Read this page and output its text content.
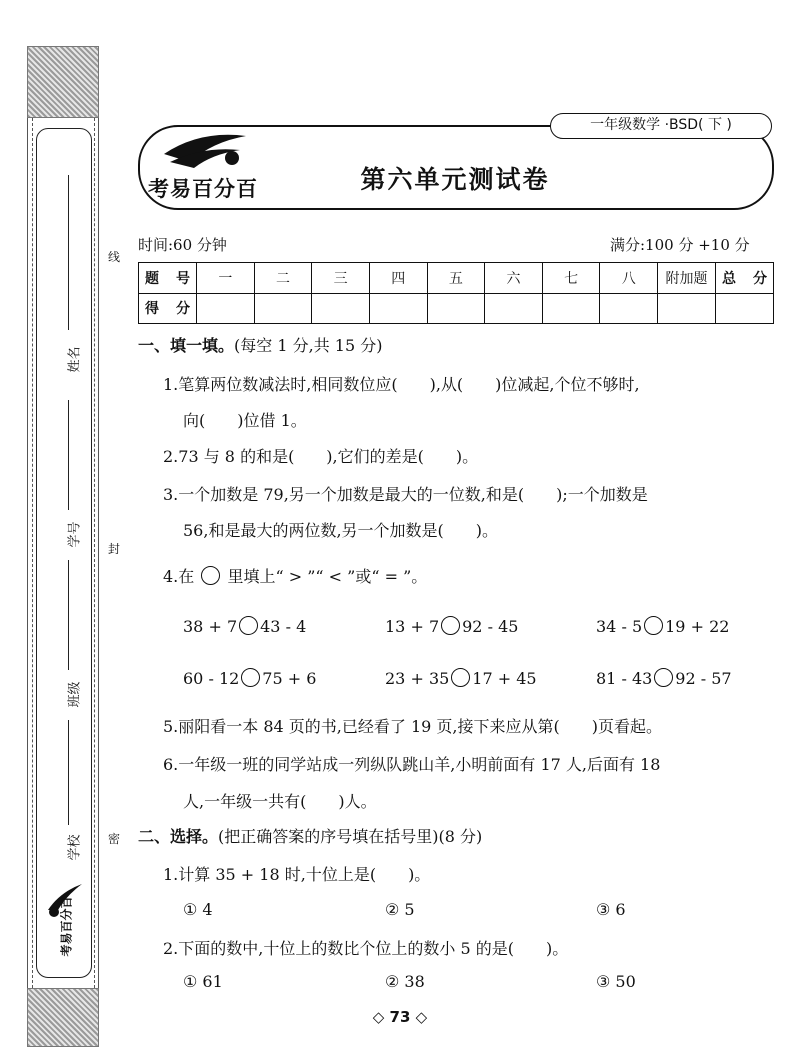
姓名
学号
班级
学校
考易百分百
线
封
密
考易百分百
一年级数学 ·BSD( 下 )
第六单元测试卷
时间:60 分钟	满分:100 分 +10 分
题 号	一	二	三	四	五	六	七	八	附加题	总 分
得 分										
一、填一填。(每空 1 分,共 15 分)
1.笔算两位数减法时,相同数位应(　　),从(　　)位减起,个位不够时,
向(　　)位借 1。
2.73 与 8 的和是(　　),它们的差是(　　)。
3.一个加数是 79,另一个加数是最大的一位数,和是(　　);一个加数是
56,和是最大的两位数,另一个加数是(　　)。
4.在 里填上“ > ”“ < ”或“ = ”。
38 + 7 43 - 4	13 + 7 92 - 45	34 - 5 19 + 22
60 - 12 75 + 6	23 + 35 17 + 45	81 - 43 92 - 57
5.丽阳看一本 84 页的书,已经看了 19 页,接下来应从第(　　)页看起。
6.一年级一班的同学站成一列纵队跳山羊,小明前面有 17 人,后面有 18
人,一年级一共有(　　)人。
二、选择。(把正确答案的序号填在括号里)(8 分)
1.计算 35 + 18 时,十位上是(　　)。
① 4	② 5	③ 6
2.下面的数中,十位上的数比个位上的数小 5 的是(　　)。
① 61	② 38	③ 50
◇ 73 ◇
